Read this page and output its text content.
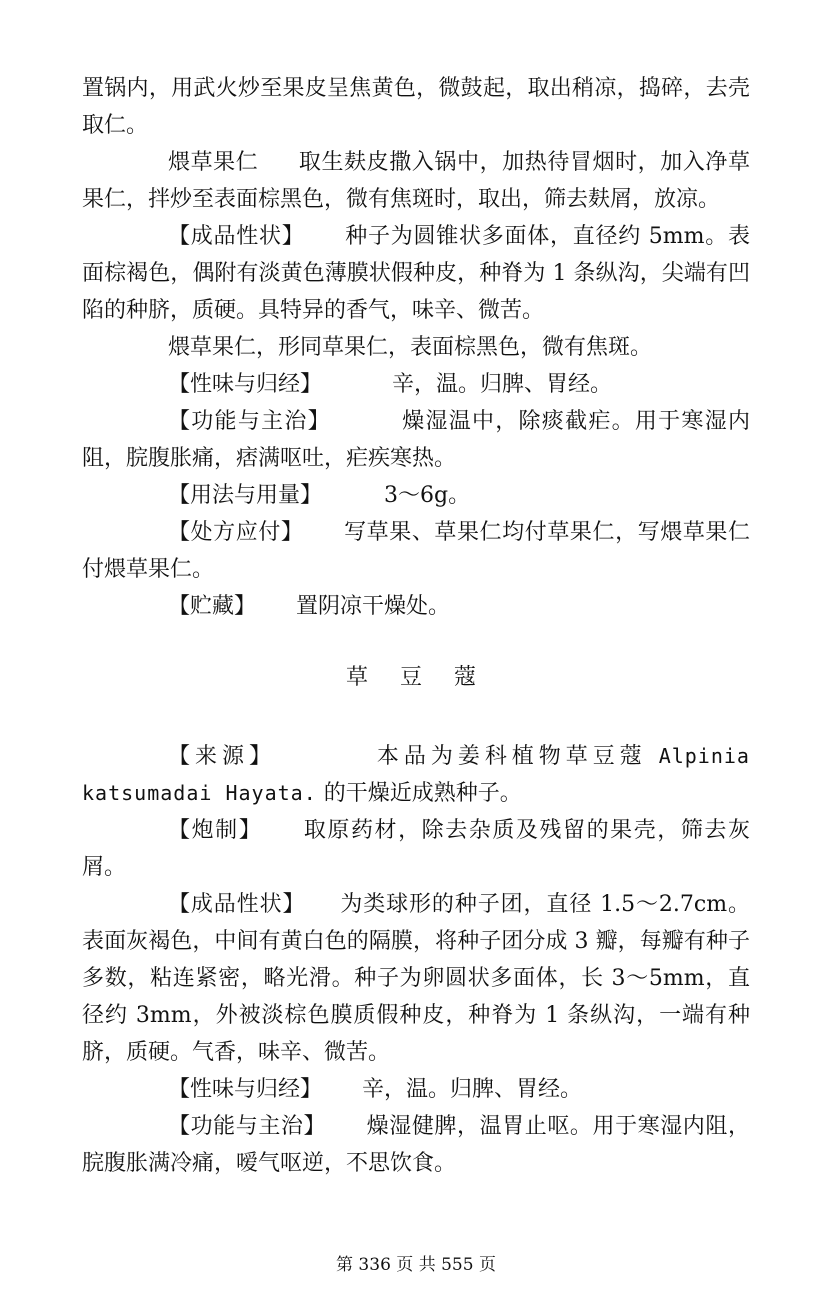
置锅内，用武火炒至果皮呈焦黄色，微鼓起，取出稍凉，捣碎，去壳取仁。

煨草果仁 取生麸皮撒入锅中，加热待冒烟时，加入净草果仁，拌炒至表面棕黑色，微有焦斑时，取出，筛去麸屑，放凉。

【成品性状】 种子为圆锥状多面体，直径约 5mm。表面棕褐色，偶附有淡黄色薄膜状假种皮，种脊为 1 条纵沟，尖端有凹陷的种脐，质硬。具特异的香气，味辛、微苦。

煨草果仁，形同草果仁，表面棕黑色，微有焦斑。

【性味与归经】	辛，温。归脾、胃经。

【功能与主治】	燥湿温中，除痰截疟。用于寒湿内阻，脘腹胀痛，痞满呕吐，疟疾寒热。

【用法与用量】	3～6g。

【处方应付】 写草果、草果仁均付草果仁，写煨草果仁付煨草果仁。

【贮藏】 置阴凉干燥处。

草豆蔻

【来源】	本品为姜科植物草豆蔻 Alpinia katsumadai Hayata. 的干燥近成熟种子。

【炮制】 取原药材，除去杂质及残留的果壳，筛去灰屑。

【成品性状】 为类球形的种子团，直径 1.5～2.7cm。表面灰褐色，中间有黄白色的隔膜，将种子团分成 3 瓣，每瓣有种子多数，粘连紧密，略光滑。种子为卵圆状多面体，长 3～5mm，直径约 3mm，外被淡棕色膜质假种皮，种脊为 1 条纵沟，一端有种脐，质硬。气香，味辛、微苦。

【性味与归经】 辛，温。归脾、胃经。

【功能与主治】 燥湿健脾，温胃止呕。用于寒湿内阻，脘腹胀满冷痛，嗳气呕逆，不思饮食。

第 336 页 共 555 页
